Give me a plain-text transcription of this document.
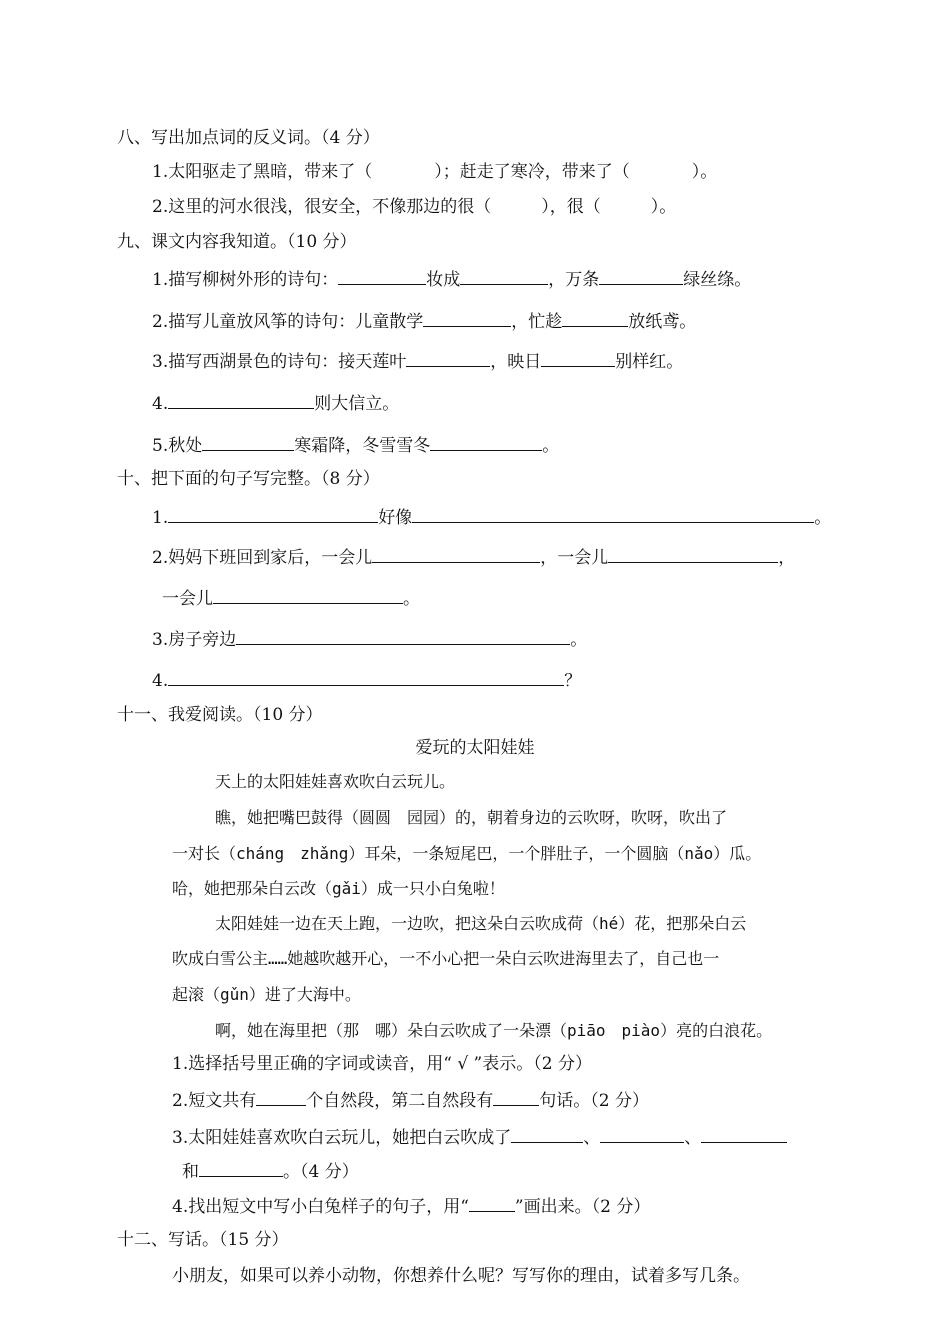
八、写出加点词的反义词。（4 分）
1.太阳驱走了黑暗，带来了（	）；赶走了寒冷，带来了（	）。
2.这里的河水很浅，很安全，不像那边的很（	），很（	）。
九、课文内容我知道。（10 分）
1.描写柳树外形的诗句：	妆成	，万条	绿丝绦。
2.描写儿童放风筝的诗句：儿童散学	，忙趁	放纸鸢。
3.描写西湖景色的诗句：接天莲叶	，映日	别样红。
4.	则大信立。
5.秋处	寒霜降，冬雪雪冬	。
十、把下面的句子写完整。（8 分）
1.	好像	。
2.妈妈下班回到家后，一会儿	，一会儿	，
一会儿	。
3.房子旁边	。
4.	？
十一、我爱阅读。（10 分）
爱玩的太阳娃娃
天上的太阳娃娃喜欢吹白云玩儿。
瞧，她把嘴巴鼓得（圆圆　园园）的，朝着身边的云吹呀，吹呀，吹出了
一对长（cháng　zhǎng）耳朵，一条短尾巴，一个胖肚子，一个圆脑（nǎo）瓜。
哈，她把那朵白云改（gǎi）成一只小白兔啦！
太阳娃娃一边在天上跑，一边吹，把这朵白云吹成荷（hé）花，把那朵白云
吹成白雪公主……她越吹越开心，一不小心把一朵白云吹进海里去了，自己也一
起滚（gǔn）进了大海中。
啊，她在海里把（那　哪）朵白云吹成了一朵漂（piāo　piào）亮的白浪花。
1.选择括号里正确的字词或读音，用“ √ ”表示。（2 分）
2.短文共有	个自然段，第二自然段有	句话。（2 分）
3.太阳娃娃喜欢吹白云玩儿，她把白云吹成了	、	、
和	。（4 分）
4.找出短文中写小白兔样子的句子，用“	”画出来。（2 分）
十二、写话。（15 分）
小朋友，如果可以养小动物，你想养什么呢？写写你的理由，试着多写几条。
